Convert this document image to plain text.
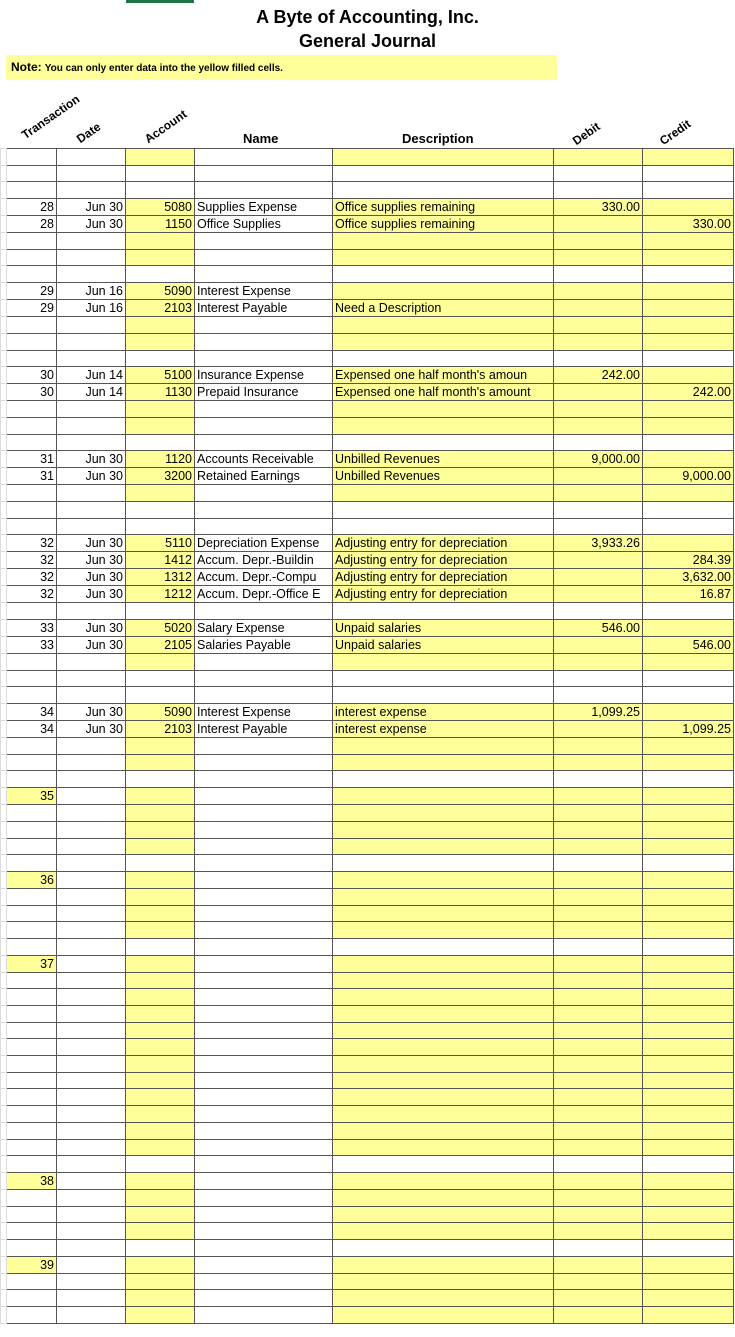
A Byte of Accounting, Inc.
General Journal
Note: You can only enter data into the yellow filled cells.
Transaction
Date	Account	Name	Description	Debit	Credit

	28	Jun 30	5080	Supplies Expense	Office supplies remaining	330.00	
	28	Jun 30	1150	Office Supplies	Office supplies remaining		330.00

	29	Jun 16	5090	Interest Expense			
	29	Jun 16	2103	Interest Payable	Need a Description		

	30	Jun 14	5100	Insurance Expense	Expensed one half month's amoun	242.00	
	30	Jun 14	1130	Prepaid Insurance	Expensed one half month's amount		242.00

	31	Jun 30	1120	Accounts Receivable	Unbilled Revenues	9,000.00	
	31	Jun 30	3200	Retained Earnings	Unbilled Revenues		9,000.00

	32	Jun 30	5110	Depreciation Expense	Adjusting entry for depreciation	3,933.26	
	32	Jun 30	1412	Accum. Depr.-Buildin	Adjusting entry for depreciation		284.39
	32	Jun 30	1312	Accum. Depr.-Compu	Adjusting entry for depreciation		3,632.00
	32	Jun 30	1212	Accum. Depr.-Office E	Adjusting entry for depreciation		16.87

	33	Jun 30	5020	Salary Expense	Unpaid salaries	546.00	
	33	Jun 30	2105	Salaries Payable	Unpaid salaries		546.00

	34	Jun 30	5090	Interest Expense	interest expense	1,099.25	
	34	Jun 30	2103	Interest Payable	interest expense		1,099.25

	35						

	36						

	37						

	38						

	39						
